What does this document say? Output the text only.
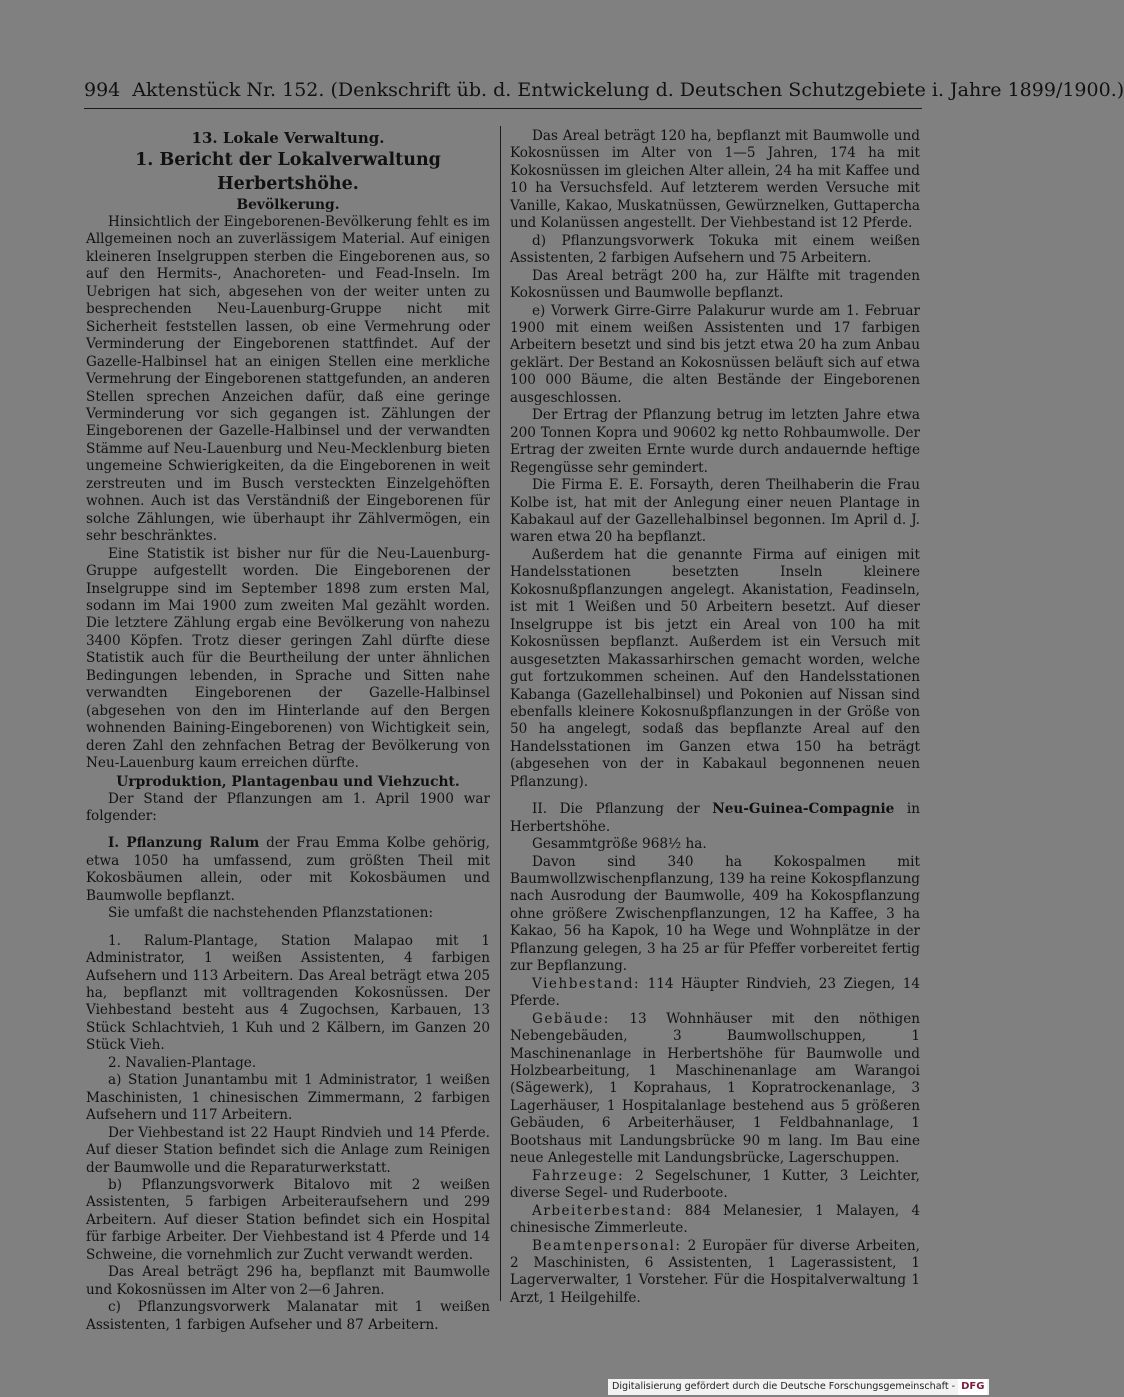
994 Aktenstück Nr. 152. (Denkschrift üb. d. Entwickelung d. Deutschen Schutzgebiete i. Jahre 1899/1900.)

13. Lokale Verwaltung.

1. Bericht der Lokalverwaltung Herbertshöhe.

Bevölkerung.

Hinsichtlich der Eingeborenen-Bevölkerung fehlt es im Allgemeinen noch an zuverlässigem Material. Auf einigen kleineren Inselgruppen sterben die Eingeborenen aus, so auf den Hermits-, Anachoreten- und Fead-Inseln. Im Uebrigen hat sich, abgesehen von der weiter unten zu besprechenden Neu-Lauenburg-Gruppe nicht mit Sicherheit feststellen lassen, ob eine Vermehrung oder Verminderung der Eingeborenen stattfindet. Auf der Gazelle-Halbinsel hat an einigen Stellen eine merkliche Vermehrung der Eingeborenen stattgefunden, an anderen Stellen sprechen Anzeichen dafür, daß eine geringe Verminderung vor sich gegangen ist. Zählungen der Eingeborenen der Gazelle-Halbinsel und der verwandten Stämme auf Neu-Lauenburg und Neu-Mecklenburg bieten ungemeine Schwierigkeiten, da die Eingeborenen in weit zerstreuten und im Busch versteckten Einzelgehöften wohnen. Auch ist das Verständniß der Eingeborenen für solche Zählungen, wie überhaupt ihr Zählvermögen, ein sehr beschränktes.

Eine Statistik ist bisher nur für die Neu-Lauenburg-Gruppe aufgestellt worden. Die Eingeborenen der Inselgruppe sind im September 1898 zum ersten Mal, sodann im Mai 1900 zum zweiten Mal gezählt worden. Die letztere Zählung ergab eine Bevölkerung von nahezu 3400 Köpfen. Trotz dieser geringen Zahl dürfte diese Statistik auch für die Beurtheilung der unter ähnlichen Bedingungen lebenden, in Sprache und Sitten nahe verwandten Eingeborenen der Gazelle-Halbinsel (abgesehen von den im Hinterlande auf den Bergen wohnenden Baining-Eingeborenen) von Wichtigkeit sein, deren Zahl den zehnfachen Betrag der Bevölkerung von Neu-Lauenburg kaum erreichen dürfte.

Urproduktion, Plantagenbau und Viehzucht.

Der Stand der Pflanzungen am 1. April 1900 war folgender:

I. Pflanzung Ralum der Frau Emma Kolbe gehörig, etwa 1050 ha umfassend, zum größten Theil mit Kokosbäumen allein, oder mit Kokosbäumen und Baumwolle bepflanzt.

Sie umfaßt die nachstehenden Pflanzstationen:

1. Ralum-Plantage, Station Malapao mit 1 Administrator, 1 weißen Assistenten, 4 farbigen Aufsehern und 113 Arbeitern. Das Areal beträgt etwa 205 ha, bepflanzt mit volltragenden Kokosnüssen. Der Viehbestand besteht aus 4 Zugochsen, Karbauen, 13 Stück Schlachtvieh, 1 Kuh und 2 Kälbern, im Ganzen 20 Stück Vieh.

2. Navalien-Plantage.

a) Station Junantambu mit 1 Administrator, 1 weißen Maschinisten, 1 chinesischen Zimmermann, 2 farbigen Aufsehern und 117 Arbeitern.

Der Viehbestand ist 22 Haupt Rindvieh und 14 Pferde. Auf dieser Station befindet sich die Anlage zum Reinigen der Baumwolle und die Reparaturwerkstatt.

b) Pflanzungsvorwerk Bitalovo mit 2 weißen Assistenten, 5 farbigen Arbeiteraufsehern und 299 Arbeitern. Auf dieser Station befindet sich ein Hospital für farbige Arbeiter. Der Viehbestand ist 4 Pferde und 14 Schweine, die vornehmlich zur Zucht verwandt werden.

Das Areal beträgt 296 ha, bepflanzt mit Baumwolle und Kokosnüssen im Alter von 2—6 Jahren.

c) Pflanzungsvorwerk Malanatar mit 1 weißen Assistenten, 1 farbigen Aufseher und 87 Arbeitern.

Das Areal beträgt 120 ha, bepflanzt mit Baumwolle und Kokosnüssen im Alter von 1—5 Jahren, 174 ha mit Kokosnüssen im gleichen Alter allein, 24 ha mit Kaffee und 10 ha Versuchsfeld. Auf letzterem werden Versuche mit Vanille, Kakao, Muskatnüssen, Gewürznelken, Guttapercha und Kolanüssen angestellt. Der Viehbestand ist 12 Pferde.

d) Pflanzungsvorwerk Tokuka mit einem weißen Assistenten, 2 farbigen Aufsehern und 75 Arbeitern.

Das Areal beträgt 200 ha, zur Hälfte mit tragenden Kokosnüssen und Baumwolle bepflanzt.

e) Vorwerk Girre-Girre Palakurur wurde am 1. Februar 1900 mit einem weißen Assistenten und 17 farbigen Arbeitern besetzt und sind bis jetzt etwa 20 ha zum Anbau geklärt. Der Bestand an Kokosnüssen beläuft sich auf etwa 100 000 Bäume, die alten Bestände der Eingeborenen ausgeschlossen.

Der Ertrag der Pflanzung betrug im letzten Jahre etwa 200 Tonnen Kopra und 90602 kg netto Rohbaumwolle. Der Ertrag der zweiten Ernte wurde durch andauernde heftige Regengüsse sehr gemindert.

Die Firma E. E. Forsayth, deren Theilhaberin die Frau Kolbe ist, hat mit der Anlegung einer neuen Plantage in Kabakaul auf der Gazellehalbinsel begonnen. Im April d. J. waren etwa 20 ha bepflanzt.

Außerdem hat die genannte Firma auf einigen mit Handelsstationen besetzten Inseln kleinere Kokosnußpflanzungen angelegt. Akanistation, Feadinseln, ist mit 1 Weißen und 50 Arbeitern besetzt. Auf dieser Inselgruppe ist bis jetzt ein Areal von 100 ha mit Kokosnüssen bepflanzt. Außerdem ist ein Versuch mit ausgesetzten Makassarhirschen gemacht worden, welche gut fortzukommen scheinen. Auf den Handelsstationen Kabanga (Gazellehalbinsel) und Pokonien auf Nissan sind ebenfalls kleinere Kokosnußpflanzungen in der Größe von 50 ha angelegt, sodaß das bepflanzte Areal auf den Handelsstationen im Ganzen etwa 150 ha beträgt (abgesehen von der in Kabakaul begonnenen neuen Pflanzung).

II. Die Pflanzung der Neu-Guinea-Compagnie in Herbertshöhe.

Gesammtgröße 968½ ha.

Davon sind 340 ha Kokospalmen mit Baumwollzwischenpflanzung, 139 ha reine Kokospflanzung nach Ausrodung der Baumwolle, 409 ha Kokospflanzung ohne größere Zwischenpflanzungen, 12 ha Kaffee, 3 ha Kakao, 56 ha Kapok, 10 ha Wege und Wohnplätze in der Pflanzung gelegen, 3 ha 25 ar für Pfeffer vorbereitet fertig zur Bepflanzung.

Viehbestand: 114 Häupter Rindvieh, 23 Ziegen, 14 Pferde.

Gebäude: 13 Wohnhäuser mit den nöthigen Nebengebäuden, 3 Baumwollschuppen, 1 Maschinenanlage in Herbertshöhe für Baumwolle und Holzbearbeitung, 1 Maschinenanlage am Warangoi (Sägewerk), 1 Koprahaus, 1 Kopratrockenanlage, 3 Lagerhäuser, 1 Hospitalanlage bestehend aus 5 größeren Gebäuden, 6 Arbeiterhäuser, 1 Feldbahnanlage, 1 Bootshaus mit Landungsbrücke 90 m lang. Im Bau eine neue Anlegestelle mit Landungsbrücke, Lagerschuppen.

Fahrzeuge: 2 Segelschuner, 1 Kutter, 3 Leichter, diverse Segel- und Ruderboote.

Arbeiterbestand: 884 Melanesier, 1 Malayen, 4 chinesische Zimmerleute.

Beamtenpersonal: 2 Europäer für diverse Arbeiten, 2 Maschinisten, 6 Assistenten, 1 Lagerassistent, 1 Lagerverwalter, 1 Vorsteher. Für die Hospitalverwaltung 1 Arzt, 1 Heilgehilfe.

Digitalisierung gefördert durch die Deutsche Forschungsgemeinschaft - DFG
